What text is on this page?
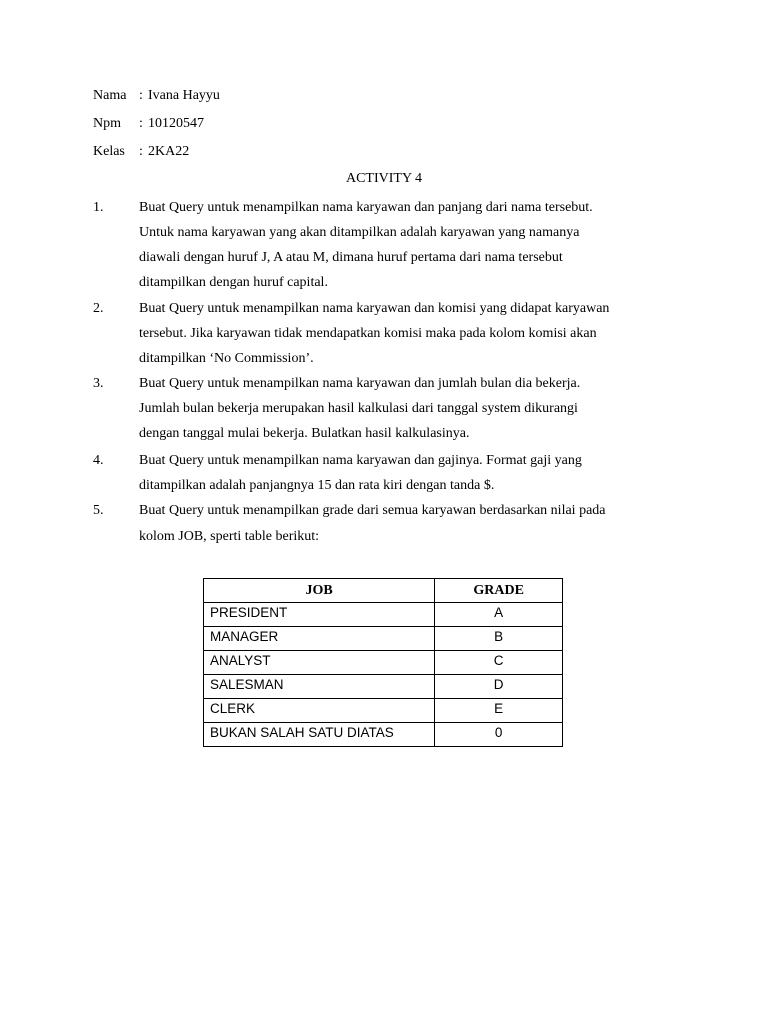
Nama : Ivana Hayyu
Npm : 10120547
Kelas : 2KA22
ACTIVITY 4
1.	Buat Query untuk menampilkan nama karyawan dan panjang dari nama tersebut.
Untuk nama karyawan yang akan ditampilkan adalah karyawan yang namanya
diawali dengan huruf J, A atau M, dimana huruf pertama dari nama tersebut
ditampilkan dengan huruf capital.
2.	Buat Query untuk menampilkan nama karyawan dan komisi yang didapat karyawan
tersebut. Jika karyawan tidak mendapatkan komisi maka pada kolom komisi akan
ditampilkan ‘No Commission’.
3.	Buat Query untuk menampilkan nama karyawan dan jumlah bulan dia bekerja.
Jumlah bulan bekerja merupakan hasil kalkulasi dari tanggal system dikurangi
dengan tanggal mulai bekerja. Bulatkan hasil kalkulasinya.
4.	Buat Query untuk menampilkan nama karyawan dan gajinya. Format gaji yang
ditampilkan adalah panjangnya 15 dan rata kiri dengan tanda $.
5.	Buat Query untuk menampilkan grade dari semua karyawan berdasarkan nilai pada
kolom JOB, sperti table berikut:
JOB	GRADE
PRESIDENT	A
MANAGER	B
ANALYST	C
SALESMAN	D
CLERK	E
BUKAN SALAH SATU DIATAS	0
